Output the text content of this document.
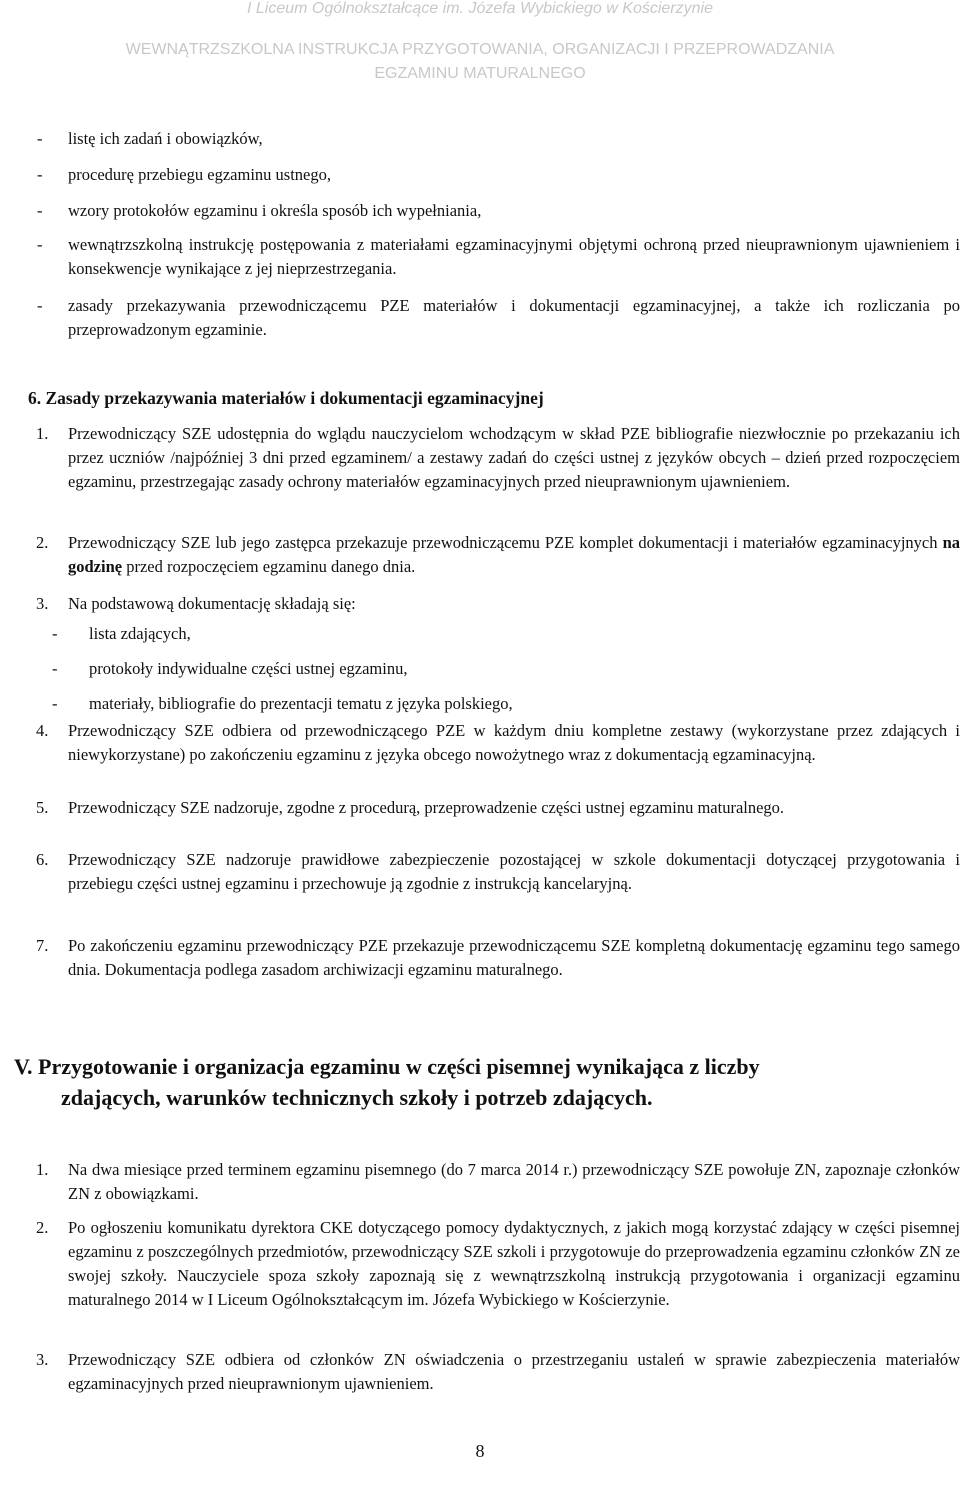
I Liceum Ogólnokształcące im. Józefa Wybickiego w Kościerzynie
WEWNĄTRZSZKOLNA INSTRUKCJA PRZYGOTOWANIA, ORGANIZACJI I PRZEPROWADZANIA
EGZAMINU MATURALNEGO
- listę ich zadań i obowiązków,

- procedurę przebiegu egzaminu ustnego,

- wzory protokołów egzaminu i określa sposób ich wypełniania,

- wewnątrzszkolną instrukcję postępowania z materiałami egzaminacyjnymi objętymi ochroną przed nieuprawnionym ujawnieniem i konsekwencje wynikające z jej nieprzestrzegania.

- zasady przekazywania przewodniczącemu PZE materiałów i dokumentacji egzaminacyjnej, a także ich rozliczania po przeprowadzonym egzaminie.

6. Zasady przekazywania materiałów i dokumentacji egzaminacyjnej
1. Przewodniczący SZE udostępnia do wglądu nauczycielom wchodzącym w skład PZE bibliografie niezwłocznie po przekazaniu ich przez uczniów /najpóźniej 3 dni przed egzaminem/ a zestawy zadań do części ustnej z języków obcych – dzień przed rozpoczęciem egzaminu, przestrzegając zasady ochrony materiałów egzaminacyjnych przed nieuprawnionym ujawnieniem.

2. Przewodniczący SZE lub jego zastępca przekazuje przewodniczącemu PZE komplet dokumentacji i materiałów egzaminacyjnych na godzinę przed rozpoczęciem egzaminu danego dnia.

3. Na podstawową dokumentację składają się:

- lista zdających,

- protokoły indywidualne części ustnej egzaminu,

- materiały, bibliografie do prezentacji tematu z języka polskiego,

4. Przewodniczący SZE odbiera od przewodniczącego PZE w każdym dniu kompletne zestawy (wykorzystane przez zdających i niewykorzystane) po zakończeniu egzaminu z języka obcego nowożytnego wraz z dokumentacją egzaminacyjną.

5. Przewodniczący SZE nadzoruje, zgodne z procedurą, przeprowadzenie części ustnej egzaminu maturalnego.

6. Przewodniczący SZE nadzoruje prawidłowe zabezpieczenie pozostającej w szkole dokumentacji dotyczącej przygotowania i przebiegu części ustnej egzaminu i przechowuje ją zgodnie z instrukcją kancelaryjną.

7. Po zakończeniu egzaminu przewodniczący PZE przekazuje przewodniczącemu SZE kompletną dokumentację egzaminu tego samego dnia. Dokumentacja podlega zasadom archiwizacji egzaminu maturalnego.

V. Przygotowanie i organizacja egzaminu w części pisemnej wynikająca z liczby
zdających, warunków technicznych szkoły i potrzeb zdających.

1. Na dwa miesiące przed terminem egzaminu pisemnego (do 7 marca 2014 r.) przewodniczący SZE powołuje ZN, zapoznaje członków ZN z obowiązkami.

2. Po ogłoszeniu komunikatu dyrektora CKE dotyczącego pomocy dydaktycznych, z jakich mogą korzystać zdający w części pisemnej egzaminu z poszczególnych przedmiotów, przewodniczący SZE szkoli i przygotowuje do przeprowadzenia egzaminu członków ZN ze swojej szkoły. Nauczyciele spoza szkoły zapoznają się z wewnątrzszkolną instrukcją przygotowania i organizacji egzaminu maturalnego 2014 w I Liceum Ogólnokształcącym im. Józefa Wybickiego w Kościerzynie.

3. Przewodniczący SZE odbiera od członków ZN oświadczenia o przestrzeganiu ustaleń w sprawie zabezpieczenia materiałów egzaminacyjnych przed nieuprawnionym ujawnieniem.

8
